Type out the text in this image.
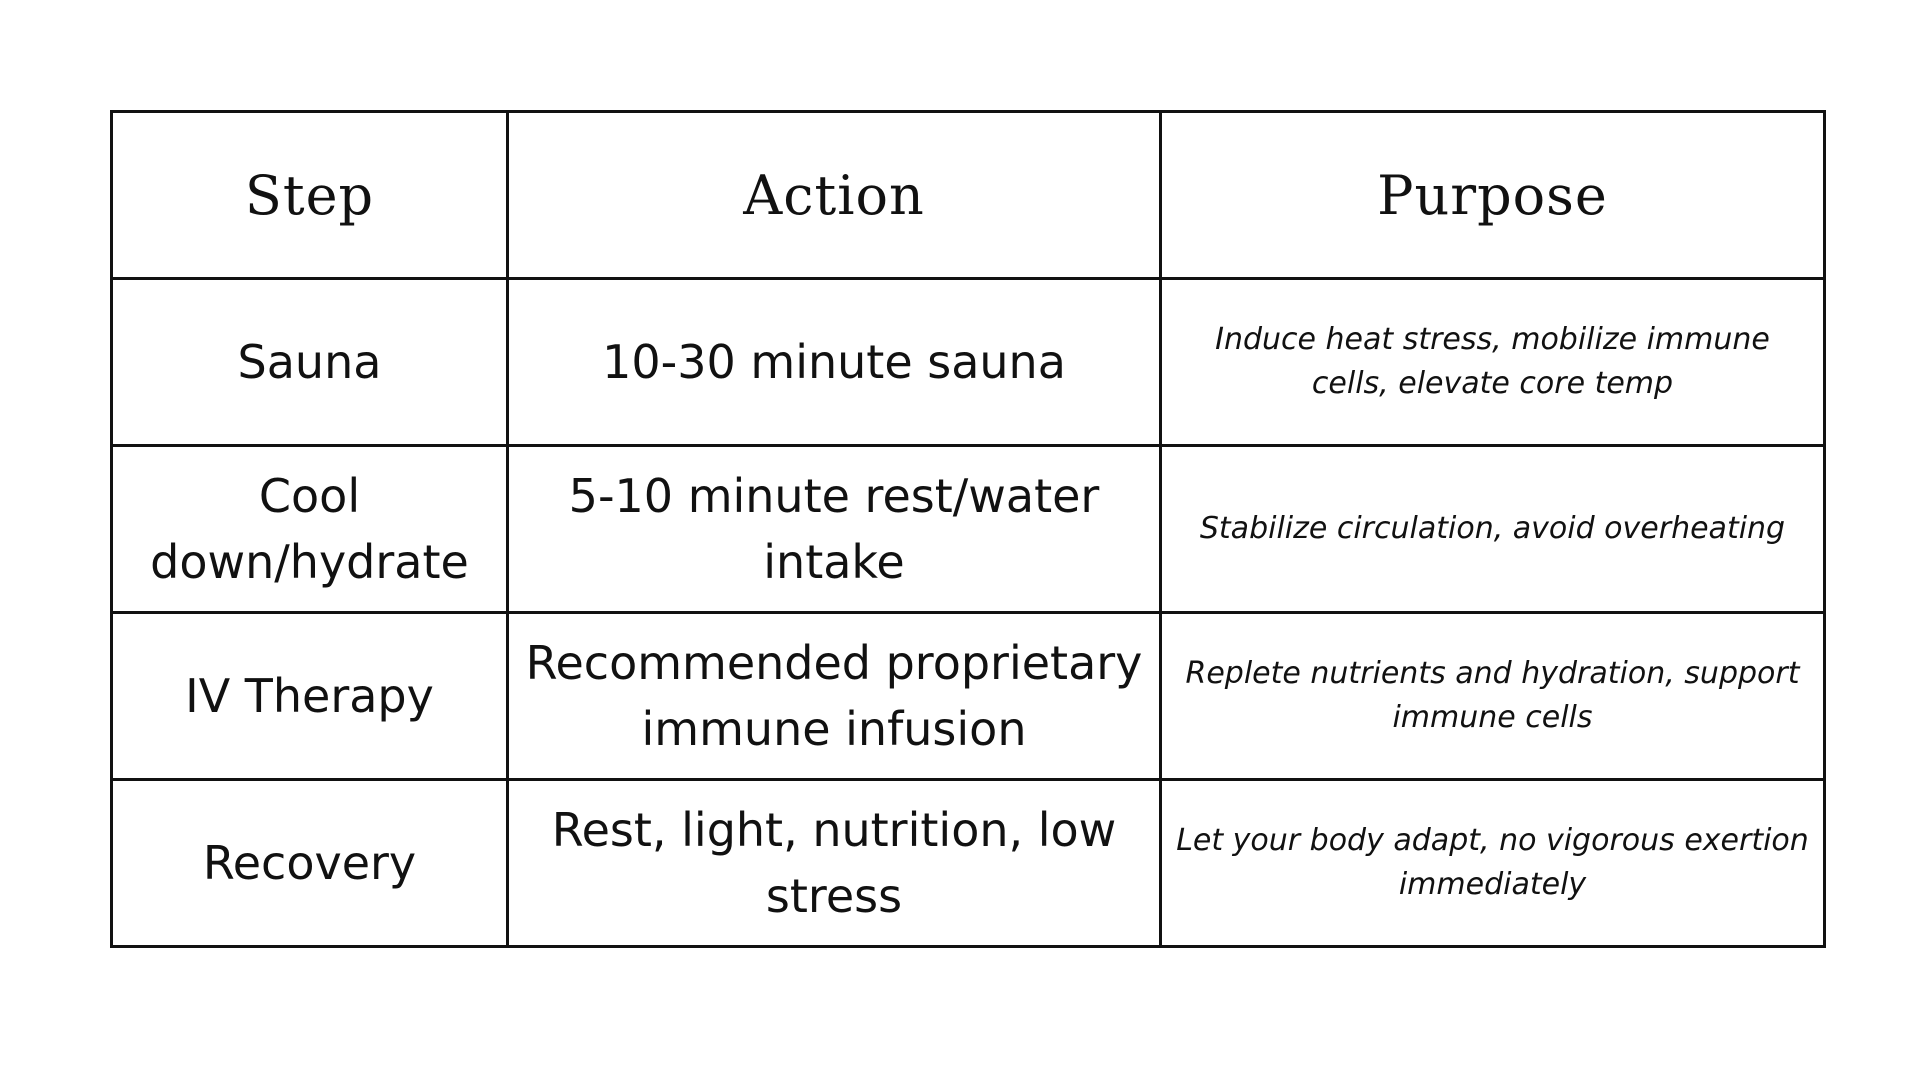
Step	Action	Purpose
Sauna	10-30 minute sauna	Induce heat stress, mobilize immune cells, elevate core temp
Cool down/hydrate	5-10 minute rest/water intake	Stabilize circulation, avoid overheating
IV Therapy	Recommended proprietary immune infusion	Replete nutrients and hydration, support immune cells
Recovery	Rest, light, nutrition, low stress	Let your body adapt, no vigorous exertion immediately
